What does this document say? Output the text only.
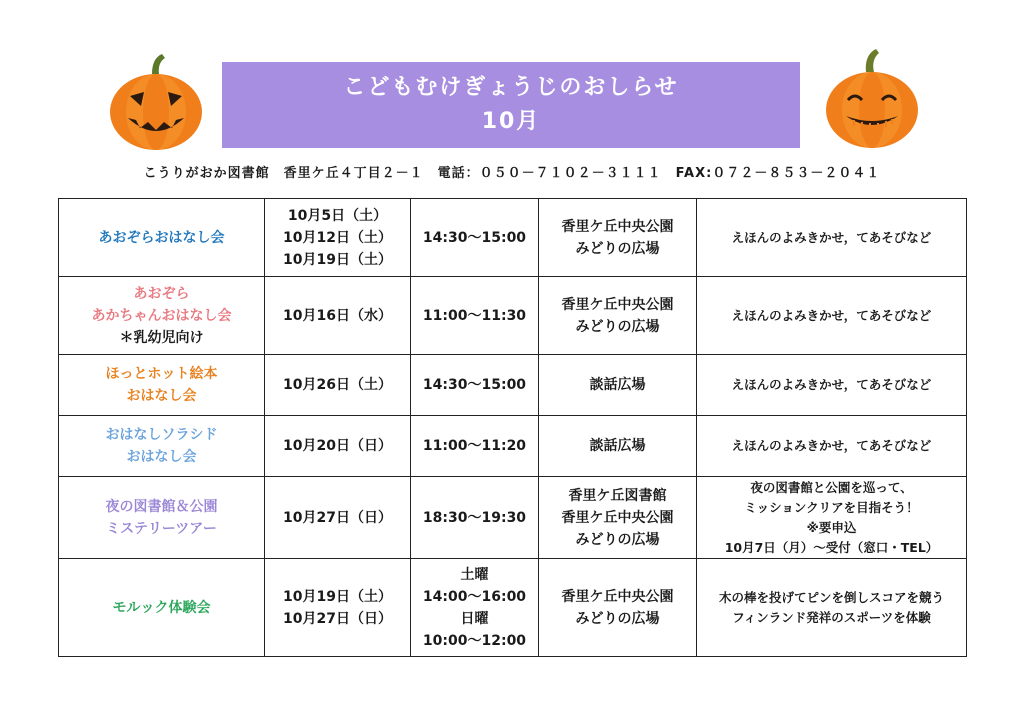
こどもむけぎょうじのおしらせ
10月
こうりがおか図書館　香里ケ丘４丁目２－１　電話：０５０－７１０２－３１１１　FAX:０７２－８５３－２０４１
あおぞらおはなし会	10月5日（土）
10月12日（土）
10月19日（土）	14:30～15:00	香里ケ丘中央公園
みどりの広場	えほんのよみきかせ，てあそびなど

あおぞら
あかちゃんおはなし会
＊乳幼児向け	10月16日（水）	11:00～11:30	香里ケ丘中央公園
みどりの広場	えほんのよみきかせ，てあそびなど

ほっとホット絵本
おはなし会	10月26日（土）	14:30～15:00	談話広場	えほんのよみきかせ，てあそびなど

おはなしソラシド
おはなし会	10月20日（日）	11:00～11:20	談話広場	えほんのよみきかせ，てあそびなど

夜の図書館＆公園
ミステリーツアー	10月27日（日）	18:30～19:30	香里ケ丘図書館
香里ケ丘中央公園
みどりの広場	夜の図書館と公園を巡って、
ミッションクリアを目指そう！
※要申込
10月7日（月）～受付（窓口・TEL）

モルック体験会	10月19日（土）
10月27日（日）	土曜
14:00～16:00
日曜
10:00～12:00	香里ケ丘中央公園
みどりの広場	木の棒を投げてピンを倒しスコアを競う
フィンランド発祥のスポーツを体験
